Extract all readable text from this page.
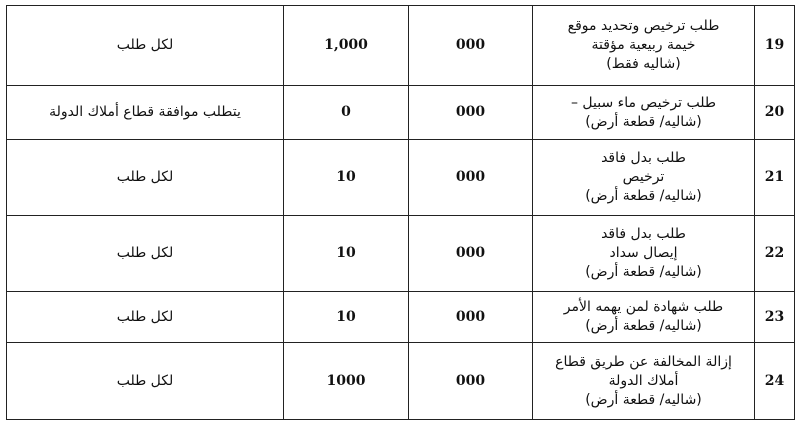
19	طلب ترخيص وتحديد موقع
خيمة ربيعية مؤقتة
(شاليه فقط)	000	1,000	لكل طلب
20	طلب ترخيص ماء سبيل –
(شاليه/ قطعة أرض)	000	0	يتطلب موافقة قطاع أملاك الدولة
21	طلب بدل فاقد
ترخيص
(شاليه/ قطعة أرض)	000	10	لكل طلب
22	طلب بدل فاقد
إيصال سداد
(شاليه/ قطعة أرض)	000	10	لكل طلب
23	طلب شهادة لمن يهمه الأمر
(شاليه/ قطعة أرض)	000	10	لكل طلب
24	إزالة المخالفة عن طريق قطاع
أملاك الدولة
(شاليه/ قطعة أرض)	000	1000	لكل طلب
